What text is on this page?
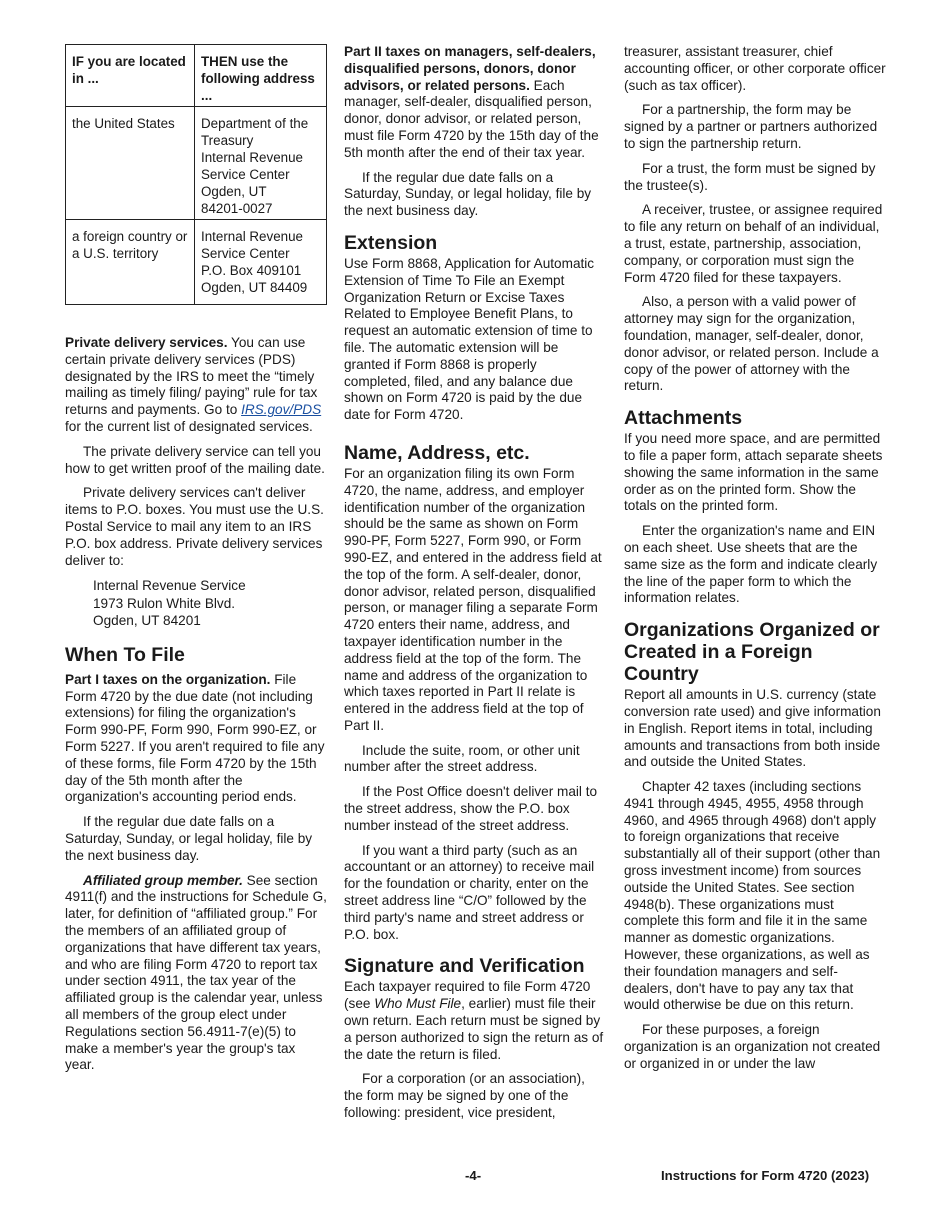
IF you are located in ...	THEN use the following address ...
the United States	Department of the Treasury
Internal Revenue Service Center
Ogden, UT
84201-0027

a foreign country or a U.S. territory	Internal Revenue Service Center
P.O. Box 409101
Ogden, UT 84409

Private delivery services. You can use certain private delivery services (PDS) designated by the IRS to meet the “timely mailing as timely filing/ paying” rule for tax returns and payments. Go to IRS.gov/PDS for the current list of designated services.

The private delivery service can tell you how to get written proof of the mailing date.

Private delivery services can't deliver items to P.O. boxes. You must use the U.S. Postal Service to mail any item to an IRS P.O. box address. Private delivery services deliver to:

Internal Revenue Service
1973 Rulon White Blvd.
Ogden, UT 84201
When To File

Part I taxes on the organization. File Form 4720 by the due date (not including extensions) for filing the organization's Form 990-PF, Form 990, Form 990-EZ, or Form 5227. If you aren't required to file any of these forms, file Form 4720 by the 15th day of the 5th month after the organization's accounting period ends.

If the regular due date falls on a Saturday, Sunday, or legal holiday, file by the next business day.

Affiliated group member. See section 4911(f) and the instructions for Schedule G, later, for definition of “affiliated group.” For the members of an affiliated group of organizations that have different tax years, and who are filing Form 4720 to report tax under section 4911, the tax year of the affiliated group is the calendar year, unless all members of the group elect under Regulations section 56.4911-7(e)(5) to make a member's year the group's tax year.

Part II taxes on managers, self-dealers, disqualified persons, donors, donor advisors, or related persons. Each manager, self-dealer, disqualified person, donor, donor advisor, or related person, must file Form 4720 by the 15th day of the 5th month after the end of their tax year.

If the regular due date falls on a Saturday, Sunday, or legal holiday, file by the next business day.

Extension

Use Form 8868, Application for Automatic Extension of Time To File an Exempt Organization Return or Excise Taxes Related to Employee Benefit Plans, to request an automatic extension of time to file. The automatic extension will be granted if Form 8868 is properly completed, filed, and any balance due shown on Form 4720 is paid by the due date for Form 4720.

Name, Address, etc.

For an organization filing its own Form 4720, the name, address, and employer identification number of the organization should be the same as shown on Form 990-PF, Form 5227, Form 990, or Form 990-EZ, and entered in the address field at the top of the form. A self-dealer, donor, donor advisor, related person, disqualified person, or manager filing a separate Form 4720 enters their name, address, and taxpayer identification number in the address field at the top of the form. The name and address of the organization to which taxes reported in Part II relate is entered in the address field at the top of Part II.

Include the suite, room, or other unit number after the street address.

If the Post Office doesn't deliver mail to the street address, show the P.O. box number instead of the street address.

If you want a third party (such as an accountant or an attorney) to receive mail for the foundation or charity, enter on the street address line “C/O” followed by the third party's name and street address or P.O. box.

Signature and Verification

Each taxpayer required to file Form 4720 (see Who Must File, earlier) must file their own return. Each return must be signed by a person authorized to sign the return as of the date the return is filed.

For a corporation (or an association), the form may be signed by one of the following: president, vice president,

treasurer, assistant treasurer, chief accounting officer, or other corporate officer (such as tax officer).

For a partnership, the form may be signed by a partner or partners authorized to sign the partnership return.

For a trust, the form must be signed by the trustee(s).

A receiver, trustee, or assignee required to file any return on behalf of an individual, a trust, estate, partnership, association, company, or corporation must sign the Form 4720 filed for these taxpayers.

Also, a person with a valid power of attorney may sign for the organization, foundation, manager, self-dealer, donor, donor advisor, or related person. Include a copy of the power of attorney with the return.

Attachments

If you need more space, and are permitted to file a paper form, attach separate sheets showing the same information in the same order as on the printed form. Show the totals on the printed form.

Enter the organization's name and EIN on each sheet. Use sheets that are the same size as the form and indicate clearly the line of the paper form to which the information relates.

Organizations Organized or Created in a Foreign Country

Report all amounts in U.S. currency (state conversion rate used) and give information in English. Report items in total, including amounts and transactions from both inside and outside the United States.

Chapter 42 taxes (including sections 4941 through 4945, 4955, 4958 through 4960, and 4965 through 4968) don't apply to foreign organizations that receive substantially all of their support (other than gross investment income) from sources outside the United States. See section 4948(b). These organizations must complete this form and file it in the same manner as domestic organizations. However, these organizations, as well as their foundation managers and self-dealers, don't have to pay any tax that would otherwise be due on this return.

For these purposes, a foreign organization is an organization not created or organized in or under the law

-4-	Instructions for Form 4720 (2023)
